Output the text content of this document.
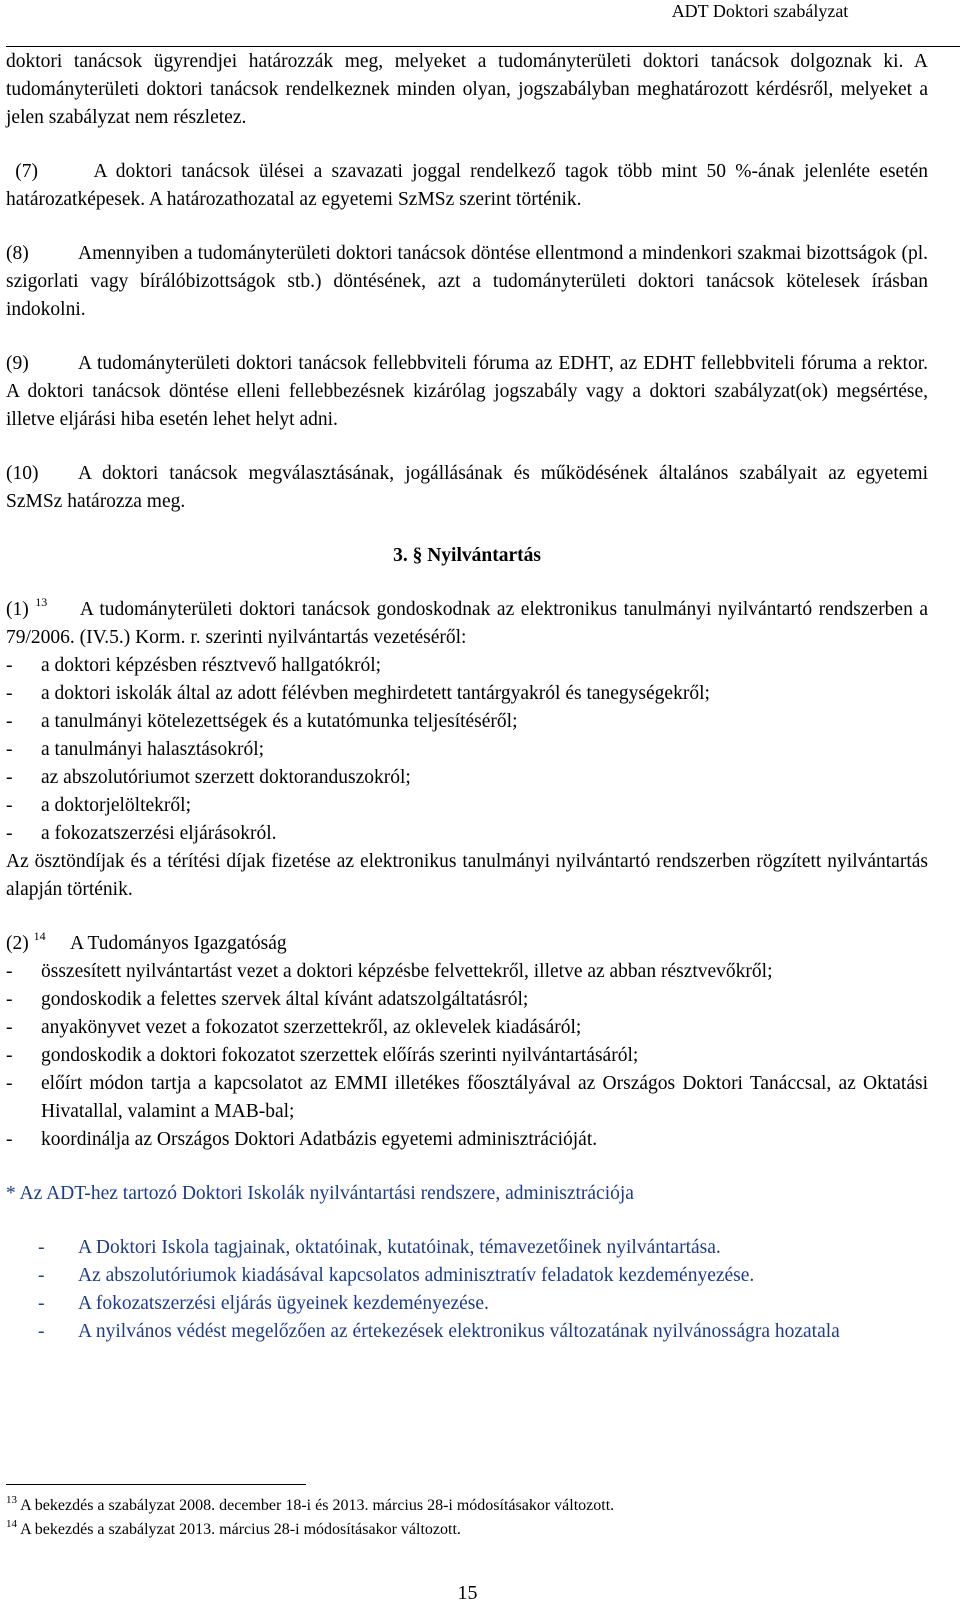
ADT Doktori szabályzat

doktori tanácsok ügyrendjei határozzák meg, melyeket a tudományterületi doktori tanácsok dolgoznak ki. A tudományterületi doktori tanácsok rendelkeznek minden olyan, jogszabályban meghatározott kérdésről, melyeket a jelen szabályzat nem részletez.

(7)	A doktori tanácsok ülései a szavazati joggal rendelkező tagok több mint 50 %-ának jelenléte esetén határozatképesek. A határozathozatal az egyetemi SzMSz szerint történik.

(8)	Amennyiben a tudományterületi doktori tanácsok döntése ellentmond a mindenkori szakmai bizottságok (pl. szigorlati vagy bírálóbizottságok stb.) döntésének, azt a tudományterületi doktori tanácsok kötelesek írásban indokolni.

(9)	A tudományterületi doktori tanácsok fellebbviteli fóruma az EDHT, az EDHT fellebbviteli fóruma a rektor. A doktori tanácsok döntése elleni fellebbezésnek kizárólag jogszabály vagy a doktori szabályzat(ok) megsértése, illetve eljárási hiba esetén lehet helyt adni.

(10) A doktori tanácsok megválasztásának, jogállásának és működésének általános szabályait az egyetemi SzMSz határozza meg.

3. § Nyilvántartás

(1) $^{13}$ A tudományterületi doktori tanácsok gondoskodnak az elektronikus tanulmányi nyilvántartó rendszerben a 79/2006. (IV.5.) Korm. r. szerinti nyilvántartás vezetéséről:

-	a doktori képzésben résztvevő hallgatókról;
-	a doktori iskolák által az adott félévben meghirdetett tantárgyakról és tanegységekről;
-	a tanulmányi kötelezettségek és a kutatómunka teljesítéséről;
-	a tanulmányi halasztásokról;
-	az abszolutóriumot szerzett doktoranduszokról;
-	a doktorjelöltekről;
-	a fokozatszerzési eljárásokról.

Az ösztöndíjak és a térítési díjak fizetése az elektronikus tanulmányi nyilvántartó rendszerben rögzített nyilvántartás alapján történik.

(2) $^{14}$ A Tudományos Igazgatóság

-	összesített nyilvántartást vezet a doktori képzésbe felvettekről, illetve az abban résztvevőkről;
-	gondoskodik a felettes szervek által kívánt adatszolgáltatásról;
-	anyakönyvet vezet a fokozatot szerzettekről, az oklevelek kiadásáról;
-	gondoskodik a doktori fokozatot szerzettek előírás szerinti nyilvántartásáról;
-	előírt módon tartja a kapcsolatot az EMMI illetékes főosztályával az Országos Doktori Tanáccsal, az Oktatási Hivatallal, valamint a MAB-bal;
-	koordinálja az Országos Doktori Adatbázis egyetemi adminisztrációját.

* Az ADT-hez tartozó Doktori Iskolák nyilvántartási rendszere, adminisztrációja

-	A Doktori Iskola tagjainak, oktatóinak, kutatóinak, témavezetőinek nyilvántartása.
-	Az abszolutóriumok kiadásával kapcsolatos adminisztratív feladatok kezdeményezése.
-	A fokozatszerzési eljárás ügyeinek kezdeményezése.
-	A nyilvános védést megelőzően az értekezések elektronikus változatának nyilvánosságra hozatala
$^{13}$ A bekezdés a szabályzat 2008. december 18-i és 2013. március 28-i módosításakor változott.
$^{14}$ A bekezdés a szabályzat 2013. március 28-i módosításakor változott.
15
